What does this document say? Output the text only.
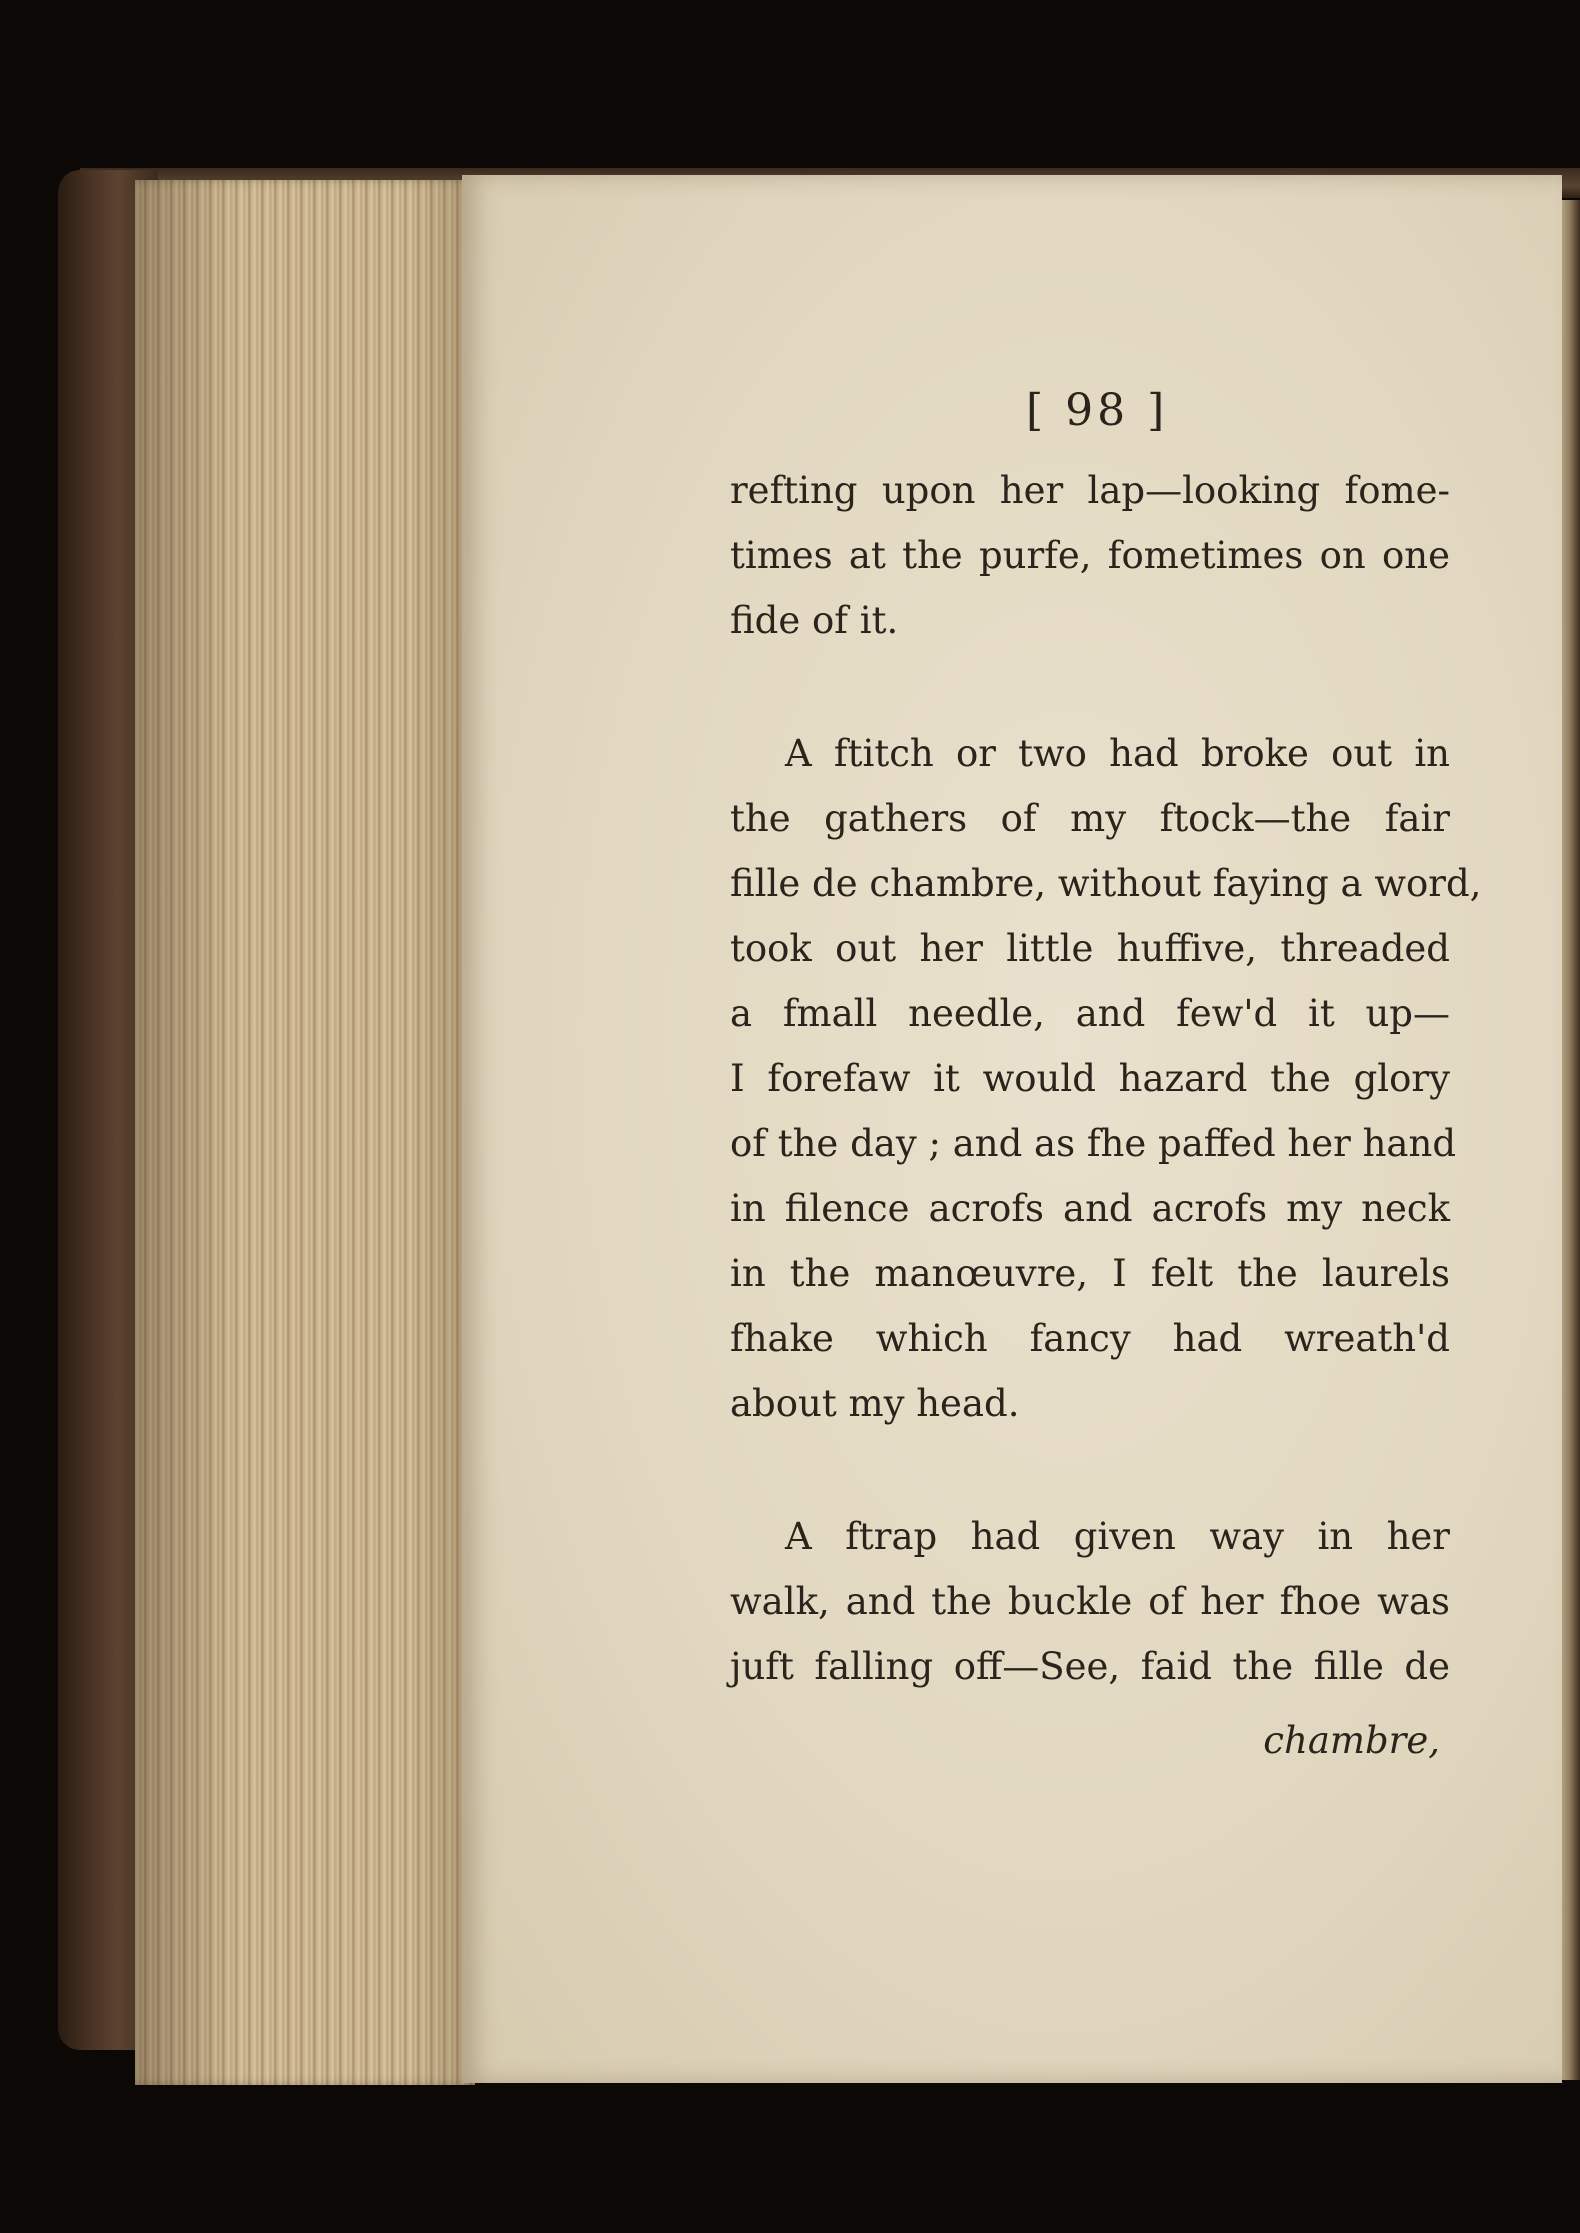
[ 98 ]
refting upon her lap—looking fome-
times at the purfe, fometimes on one
fide of it.
A ftitch or two had broke out in
the gathers of my ftock—the fair
fille de chambre, without faying a word,
took out her little huffive, threaded
a fmall needle, and few'd it up—
I forefaw it would hazard the glory
of the day ; and as fhe paffed her hand
in filence acrofs and acrofs my neck
in the manœuvre, I felt the laurels
fhake which fancy had wreath'd
about my head.
A ftrap had given way in her
walk, and the buckle of her fhoe was
juft falling off—See, faid the fille de
chambre,
